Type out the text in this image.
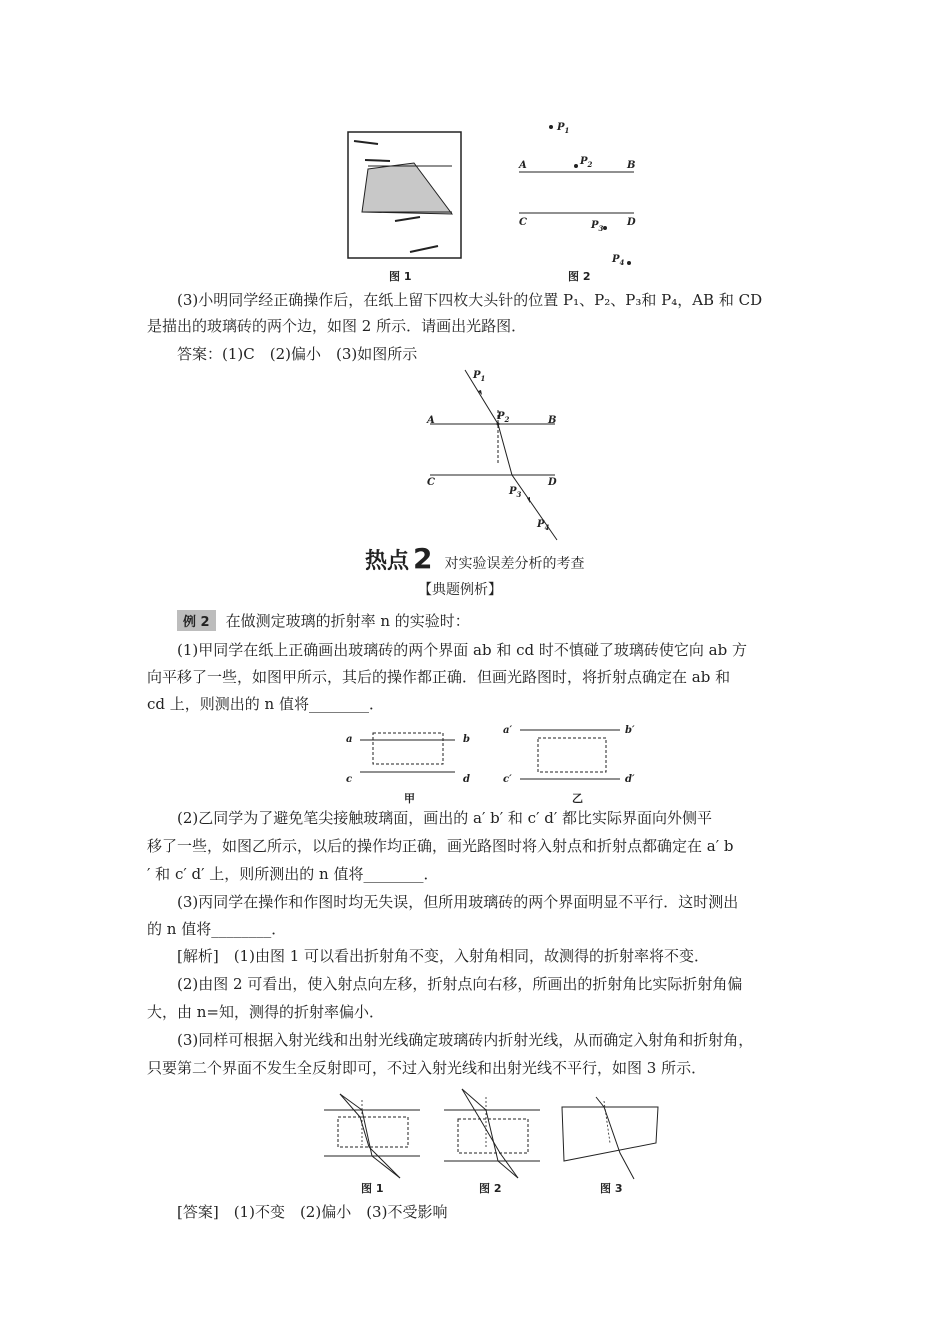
图 1
$P_1$
$P_2$
$P_3$
$P_4$
A	B
C	D
图 2
(3)小明同学经正确操作后，在纸上留下四枚大头针的位置 P₁、P₂、P₃和 P₄，AB 和 CD
是描出的玻璃砖的两个边，如图 2 所示．请画出光路图．
答案：(1)C　(2)偏小　(3)如图所示
$P_1$
$P_2$
$P_3$
$P_4$
A	B
C	D
热点 2 对实验误差分析的考查
【典题例析】
例 2	在做测定玻璃的折射率 n 的实验时：
(1)甲同学在纸上正确画出玻璃砖的两个界面 ab 和 cd 时不慎碰了玻璃砖使它向 ab 方
向平移了一些，如图甲所示，其后的操作都正确．但画光路图时，将折射点确定在 ab 和
cd 上，则测出的 n 值将________．
a	b
c	d
甲
a′	b′
c′	d′
乙
(2)乙同学为了避免笔尖接触玻璃面，画出的 a′ b′ 和 c′ d′ 都比实际界面向外侧平
移了一些，如图乙所示，以后的操作均正确，画光路图时将入射点和折射点都确定在 a′ b
′ 和 c′ d′ 上，则所测出的 n 值将________．
(3)丙同学在操作和作图时均无失误，但所用玻璃砖的两个界面明显不平行．这时测出
的 n 值将________．
[解析]　(1)由图 1 可以看出折射角不变，入射角相同，故测得的折射率将不变．
(2)由图 2 可看出，使入射点向左移，折射点向右移，所画出的折射角比实际折射角偏
大，由 n=知，测得的折射率偏小．
(3)同样可根据入射光线和出射光线确定玻璃砖内折射光线，从而确定入射角和折射角，
只要第二个界面不发生全反射即可，不过入射光线和出射光线不平行，如图 3 所示．
图 1	图 2	图 3
[答案]　(1)不变　(2)偏小　(3)不受影响
